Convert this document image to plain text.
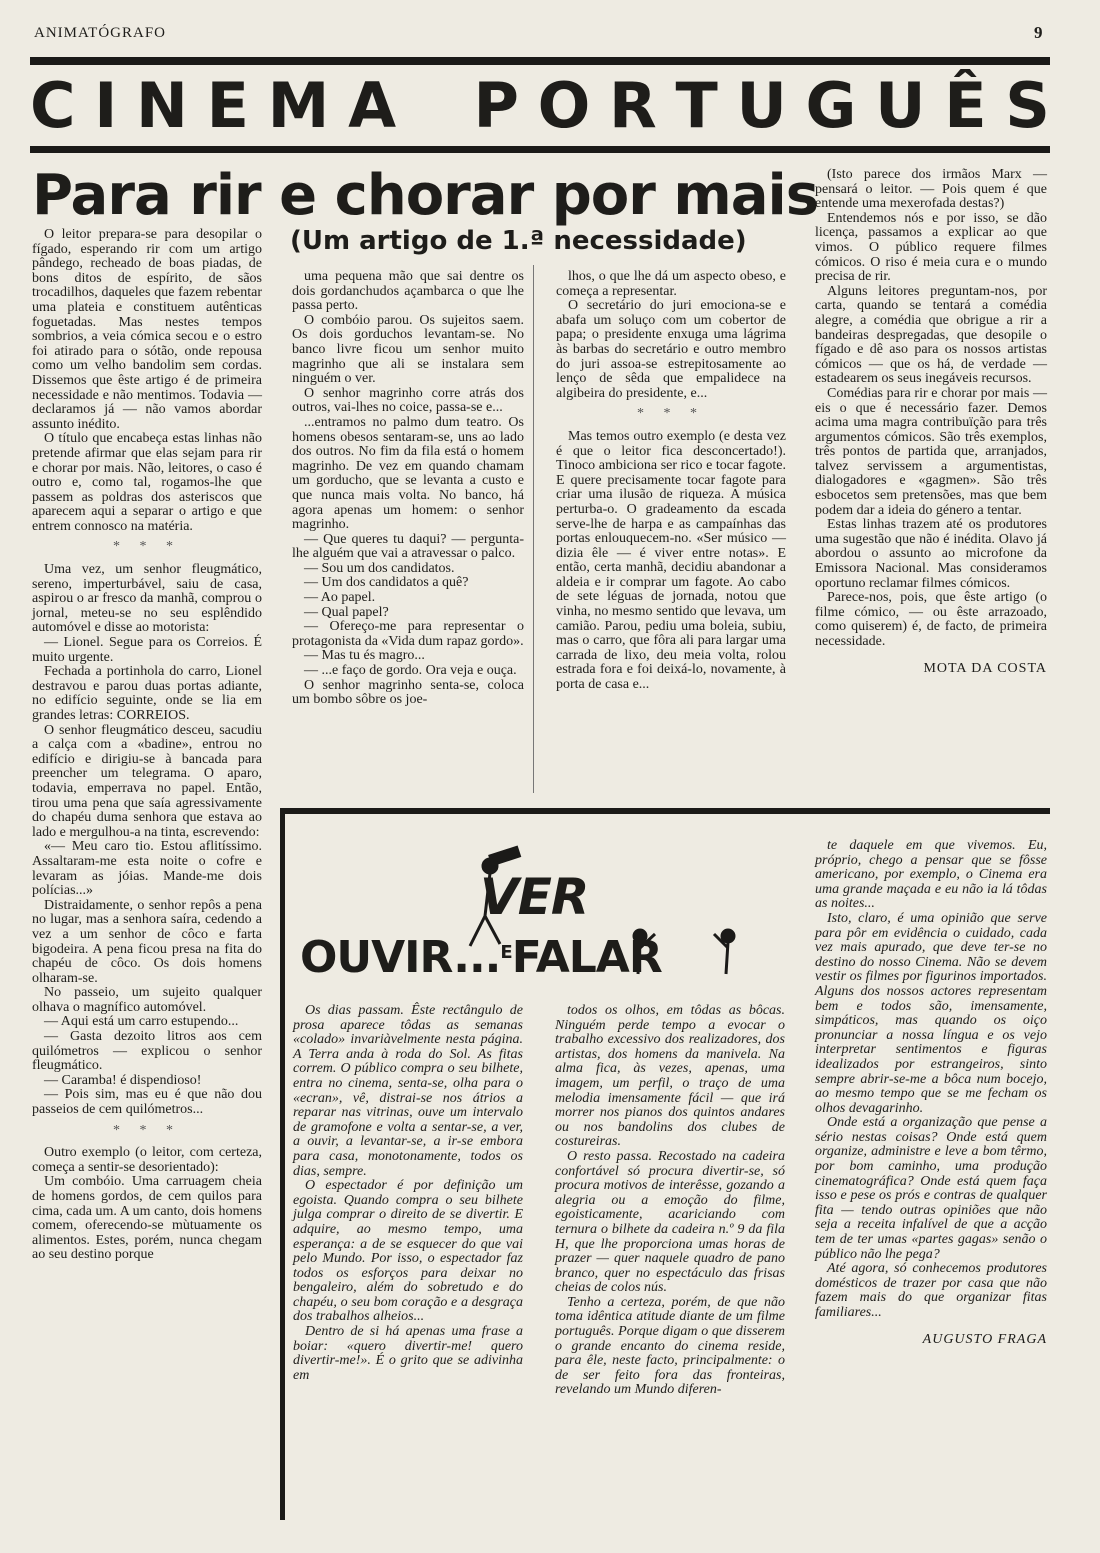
ANIMATÓGRAFO	9
C I N E M A P O R T U G U Ê S
Para rir e chorar por mais
(Um artigo de 1.ª necessidade)

O leitor prepara-se para desopilar o fígado, esperando rir com um artigo pândego, recheado de boas piadas, de bons ditos de espírito, de sãos trocadilhos, daqueles que fazem rebentar uma plateia e constituem autênticas foguetadas. Mas nestes tempos sombrios, a veia cómica secou e o estro foi atirado para o sótão, onde repousa como um velho bandolim sem cordas. Dissemos que êste artigo é de primeira necessidade e não mentimos. Todavia — declaramos já — não vamos abordar assunto inédito.

O título que encabeça estas linhas não pretende afirmar que elas sejam para rir e chorar por mais. Não, leitores, o caso é outro e, como tal, rogamos-lhe que passem as poldras dos asteriscos que aparecem aqui a separar o artigo e que entrem connosco na matéria.

* * *

Uma vez, um senhor fleugmático, sereno, imperturbável, saiu de casa, aspirou o ar fresco da manhã, comprou o jornal, meteu-se no seu esplêndido automóvel e disse ao motorista:

— Lionel. Segue para os Correios. É muito urgente.

Fechada a portinhola do carro, Lionel destravou e parou duas portas adiante, no edifício seguinte, onde se lia em grandes letras: CORREIOS.

O senhor fleugmático desceu, sacudiu a calça com a «badine», entrou no edifício e dirigiu-se à bancada para preencher um telegrama. O aparo, todavia, emperrava no papel. Então, tirou uma pena que saía agressivamente do chapéu duma senhora que estava ao lado e mergulhou-a na tinta, escrevendo:

«— Meu caro tio. Estou aflitíssimo. Assaltaram-me esta noite o cofre e levaram as jóias. Mande-me dois polícias...»

Distraidamente, o senhor repôs a pena no lugar, mas a senhora saíra, cedendo a vez a um senhor de côco e farta bigodeira. A pena ficou presa na fita do chapéu de côco. Os dois homens olharam-se.

No passeio, um sujeito qualquer olhava o magnífico automóvel.

— Aqui está um carro estupendo...

— Gasta dezoito litros aos cem quilómetros — explicou o senhor fleugmático.

— Caramba! é dispendioso!

— Pois sim, mas eu é que não dou passeios de cem quilómetros...

* * *

Outro exemplo (o leitor, com certeza, começa a sentir-se desorientado):

Um combóio. Uma carruagem cheia de homens gordos, de cem quilos para cima, cada um. A um canto, dois homens comem, oferecendo-se mùtuamente os alimentos. Estes, porém, nunca chegam ao seu destino porque

uma pequena mão que sai dentre os dois gordanchudos açambarca o que lhe passa perto.

O combóio parou. Os sujeitos saem. Os dois gorduchos levantam-se. No banco livre ficou um senhor muito magrinho que ali se instalara sem ninguém o ver.

O senhor magrinho corre atrás dos outros, vai-lhes no coice, passa-se e...

...entramos no palmo dum teatro. Os homens obesos sentaram-se, uns ao lado dos outros. No fim da fila está o homem magrinho. De vez em quando chamam um gorducho, que se levanta a custo e que nunca mais volta. No banco, há agora apenas um homem: o senhor magrinho.

— Que queres tu daqui? — pergunta-lhe alguém que vai a atravessar o palco.

— Sou um dos candidatos.

— Um dos candidatos a quê?

— Ao papel.

— Qual papel?

— Ofereço-me para representar o protagonista da «Vida dum rapaz gordo».

— Mas tu és magro...

— ...e faço de gordo. Ora veja e ouça.

O senhor magrinho senta-se, coloca um bombo sôbre os joe-

lhos, o que lhe dá um aspecto obeso, e começa a representar.

O secretário do juri emociona-se e abafa um soluço com um cobertor de papa; o presidente enxuga uma lágrima às barbas do secretário e outro membro do juri assoa-se estrepitosamente ao lenço de sêda que empalidece na algibeira do presidente, e...

* * *

Mas temos outro exemplo (e desta vez é que o leitor fica desconcertado!). Tinoco ambiciona ser rico e tocar fagote. E quere precisamente tocar fagote para criar uma ilusão de riqueza. A música perturba-o. O gradeamento da escada serve-lhe de harpa e as campaínhas das portas enlouquecem-no. «Ser músico — dizia êle — é viver entre notas». E então, certa manhã, decidiu abandonar a aldeia e ir comprar um fagote. Ao cabo de sete léguas de jornada, notou que vinha, no mesmo sentido que levava, um camião. Parou, pediu uma boleia, subiu, mas o carro, que fôra ali para largar uma carrada de lixo, deu meia volta, rolou estrada fora e foi deixá-lo, novamente, à porta de casa e...

(Isto parece dos irmãos Marx — pensará o leitor. — Pois quem é que entende uma mexerofada destas?)

Entendemos nós e por isso, se dão licença, passamos a explicar ao que vimos. O público requere filmes cómicos. O riso é meia cura e o mundo precisa de rir.

Alguns leitores preguntam-nos, por carta, quando se tentará a comédia alegre, a comédia que obrigue a rir a bandeiras despregadas, que desopile o fígado e dê aso para os nossos artistas cómicos — que os há, de verdade — estadearem os seus inegáveis recursos.

Comédias para rir e chorar por mais — eis o que é necessário fazer. Demos acima uma magra contribuïção para três argumentos cómicos. São três exemplos, três pontos de partida que, arranjados, talvez servissem a argumentistas, dialogadores e «gagmen». São três esbocetos sem pretensões, mas que bem podem dar a ideia do género a tentar.

Estas linhas trazem até os produtores uma sugestão que não é inédita. Olavo já abordou o assunto ao microfone da Emissora Nacional. Mas consideramos oportuno reclamar filmes cómicos.

Parece-nos, pois, que êste artigo (o filme cómico, — ou êste arrazoado, como quiserem) é, de facto, de primeira necessidade.

MOTA DA COSTA

VER
OUVIR...$^E$FALAR

Os dias passam. Êste rectângulo de prosa aparece tôdas as semanas «colado» invariàvelmente nesta página. A Terra anda à roda do Sol. As fitas correm. O público compra o seu bilhete, entra no cinema, senta-se, olha para o «ecran», vê, distrai-se nos átrios a reparar nas vitrinas, ouve um intervalo de gramofone e volta a sentar-se, a ver, a ouvir, a levantar-se, a ir-se embora para casa, monotonamente, todos os dias, sempre.

O espectador é por definição um egoista. Quando compra o seu bilhete julga comprar o direito de se divertir. E adquire, ao mesmo tempo, uma esperança: a de se esquecer do que vai pelo Mundo. Por isso, o espectador faz todos os esforços para deixar no bengaleiro, além do sobretudo e do chapéu, o seu bom coração e a desgraça dos trabalhos alheios...

Dentro de si há apenas uma frase a boiar: «quero divertir-me! quero divertir-me!». É o grito que se adivinha em

todos os olhos, em tôdas as bôcas. Ninguém perde tempo a evocar o trabalho excessivo dos realizadores, dos artistas, dos homens da manivela. Na alma fica, às vezes, apenas, uma imagem, um perfil, o traço de uma melodia imensamente fácil — que irá morrer nos pianos dos quintos andares ou nos bandolins dos clubes de costureiras.

O resto passa. Recostado na cadeira confortável só procura divertir-se, só procura motivos de interêsse, gozando a alegria ou a emoção do filme, egoisticamente, acariciando com ternura o bilhete da cadeira n.º 9 da fila H, que lhe proporciona umas horas de prazer — quer naquele quadro de pano branco, quer no espectáculo das frisas cheias de colos nús.

Tenho a certeza, porém, de que não toma idêntica atitude diante de um filme português. Porque digam o que disserem o grande encanto do cinema reside, para êle, neste facto, principalmente: o de ser feito fora das fronteiras, revelando um Mundo diferen-

te daquele em que vivemos. Eu, próprio, chego a pensar que se fôsse americano, por exemplo, o Cinema era uma grande maçada e eu não ia lá tôdas as noites...

Isto, claro, é uma opinião que serve para pôr em evidência o cuidado, cada vez mais apurado, que deve ter-se no destino do nosso Cinema. Não se devem vestir os filmes por figurinos importados. Alguns dos nossos actores representam bem e todos são, imensamente, simpáticos, mas quando os oiço pronunciar a nossa língua e os vejo interpretar sentimentos e figuras idealizados por estrangeiros, sinto sempre abrir-se-me a bôca num bocejo, ao mesmo tempo que se me fecham os olhos devagarinho.

Onde está a organização que pense a sério nestas coisas? Onde está quem organize, administre e leve a bom têrmo, por bom caminho, uma produção cinematográfica? Onde está quem faça isso e pese os prós e contras de qualquer fita — tendo outras opiniões que não seja a receita infalível de que a acção tem de ter umas «partes gagas» senão o público não lhe pega?

Até agora, só conhecemos produtores domésticos de trazer por casa que não fazem mais do que organizar fitas familiares...

AUGUSTO FRAGA
